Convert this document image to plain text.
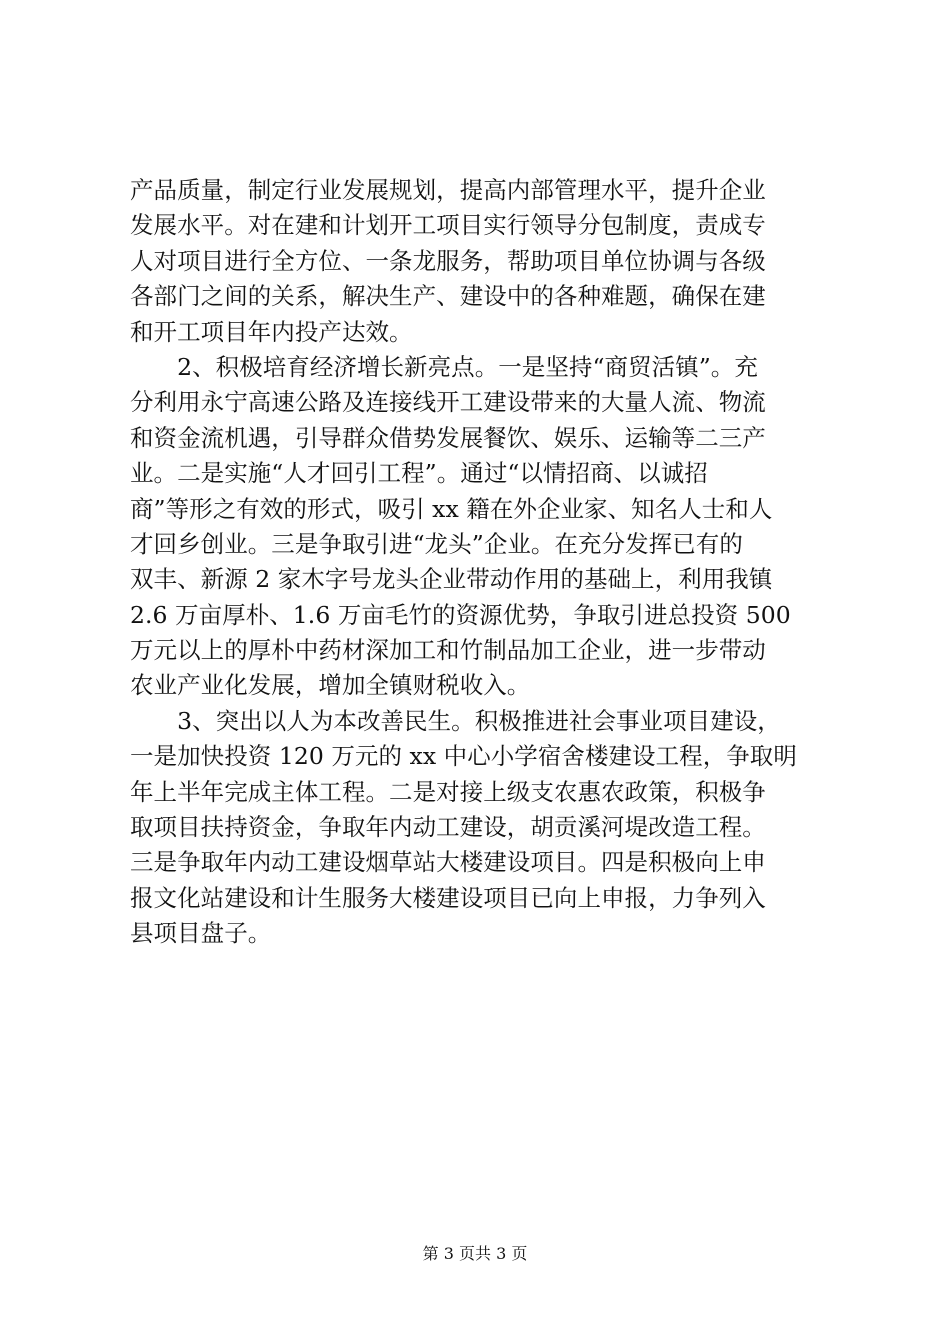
产品质量，制定行业发展规划，提高内部管理水平，提升企业
发展水平。对在建和计划开工项目实行领导分包制度，责成专
人对项目进行全方位、一条龙服务，帮助项目单位协调与各级
各部门之间的关系，解决生产、建设中的各种难题，确保在建
和开工项目年内投产达效。
　　2、积极培育经济增长新亮点。一是坚持“商贸活镇”。充
分利用永宁高速公路及连接线开工建设带来的大量人流、物流
和资金流机遇，引导群众借势发展餐饮、娱乐、运输等二三产
业。二是实施“人才回引工程”。通过“以情招商、以诚招
商”等形之有效的形式，吸引 xx 籍在外企业家、知名人士和人
才回乡创业。三是争取引进“龙头”企业。在充分发挥已有的
双丰、新源 2 家木字号龙头企业带动作用的基础上，利用我镇
2.6 万亩厚朴、1.6 万亩毛竹的资源优势，争取引进总投资 500
万元以上的厚朴中药材深加工和竹制品加工企业，进一步带动
农业产业化发展，增加全镇财税收入。
　　3、突出以人为本改善民生。积极推进社会事业项目建设，
一是加快投资 120 万元的 xx 中心小学宿舍楼建设工程，争取明
年上半年完成主体工程。二是对接上级支农惠农政策，积极争
取项目扶持资金，争取年内动工建设，胡贡溪河堤改造工程。
三是争取年内动工建设烟草站大楼建设项目。四是积极向上申
报文化站建设和计生服务大楼建设项目已向上申报，力争列入
县项目盘子。
第 3 页共 3 页
